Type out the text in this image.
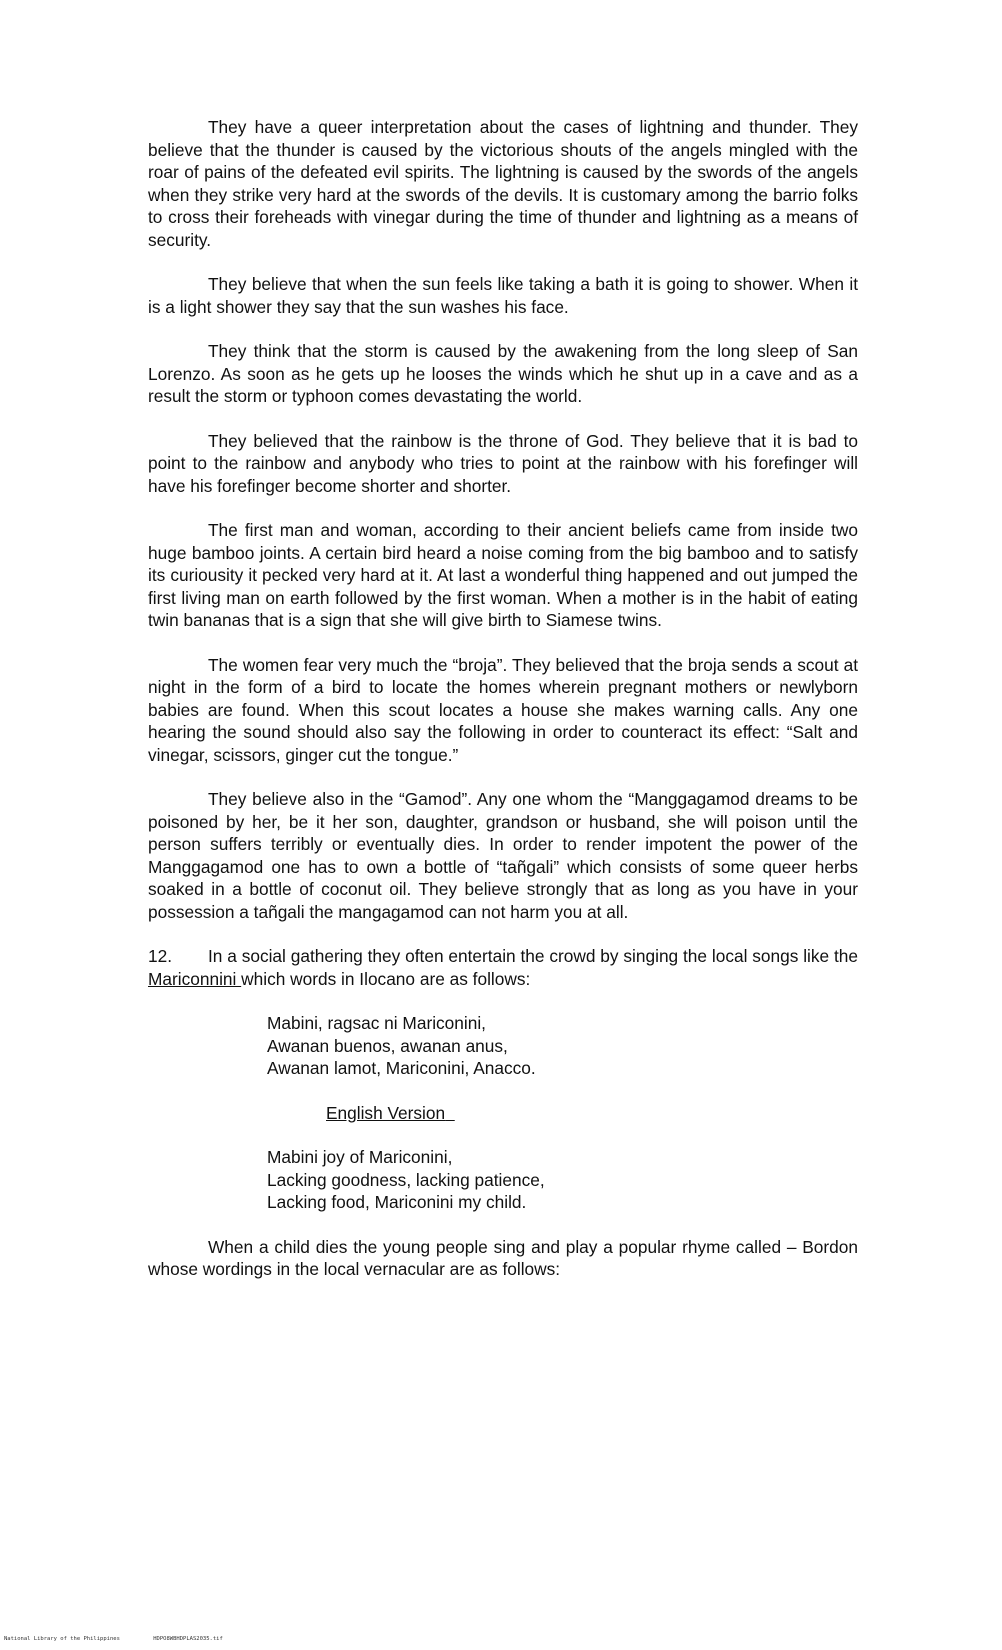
They have a queer interpretation about the cases of lightning and thunder. They believe that the thunder is caused by the victorious shouts of the angels mingled with the roar of pains of the defeated evil spirits. The lightning is caused by the swords of the angels when they strike very hard at the swords of the devils. It is customary among the barrio folks to cross their foreheads with vinegar during the time of thunder and lightning as a means of security.

They believe that when the sun feels like taking a bath it is going to shower. When it is a light shower they say that the sun washes his face.

They think that the storm is caused by the awakening from the long sleep of San Lorenzo. As soon as he gets up he looses the winds which he shut up in a cave and as a result the storm or typhoon comes devastating the world.

They believed that the rainbow is the throne of God. They believe that it is bad to point to the rainbow and anybody who tries to point at the rainbow with his forefinger will have his forefinger become shorter and shorter.

The first man and woman, according to their ancient beliefs came from inside two huge bamboo joints. A certain bird heard a noise coming from the big bamboo and to satisfy its curiousity it pecked very hard at it. At last a wonderful thing happened and out jumped the first living man on earth followed by the first woman. When a mother is in the habit of eating twin bananas that is a sign that she will give birth to Siamese twins.

The women fear very much the “broja”. They believed that the broja sends a scout at night in the form of a bird to locate the homes wherein pregnant mothers or newlyborn babies are found. When this scout locates a house she makes warning calls. Any one hearing the sound should also say the following in order to counteract its effect: “Salt and vinegar, scissors, ginger cut the tongue.”

They believe also in the “Gamod”. Any one whom the “Manggagamod dreams to be poisoned by her, be it her son, daughter, grandson or husband, she will poison until the person suffers terribly or eventually dies. In order to render impotent the power of the Manggagamod one has to own a bottle of “tañgali” which consists of some queer herbs soaked in a bottle of coconut oil. They believe strongly that as long as you have in your possession a tañgali the mangagamod can not harm you at all.

12. In a social gathering they often entertain the crowd by singing the local songs like the Mariconnini which words in Ilocano are as follows:

Mabini, ragsac ni Mariconini,
Awanan buenos, awanan anus,
Awanan lamot, Mariconini, Anacco.
English Version
Mabini joy of Mariconini,
Lacking goodness, lacking patience,
Lacking food, Mariconini my child.

When a child dies the young people sing and play a popular rhyme called – Bordon whose wordings in the local vernacular are as follows:

National Library of the Philippines	HDPO8WBHDPLAS2035.tif
